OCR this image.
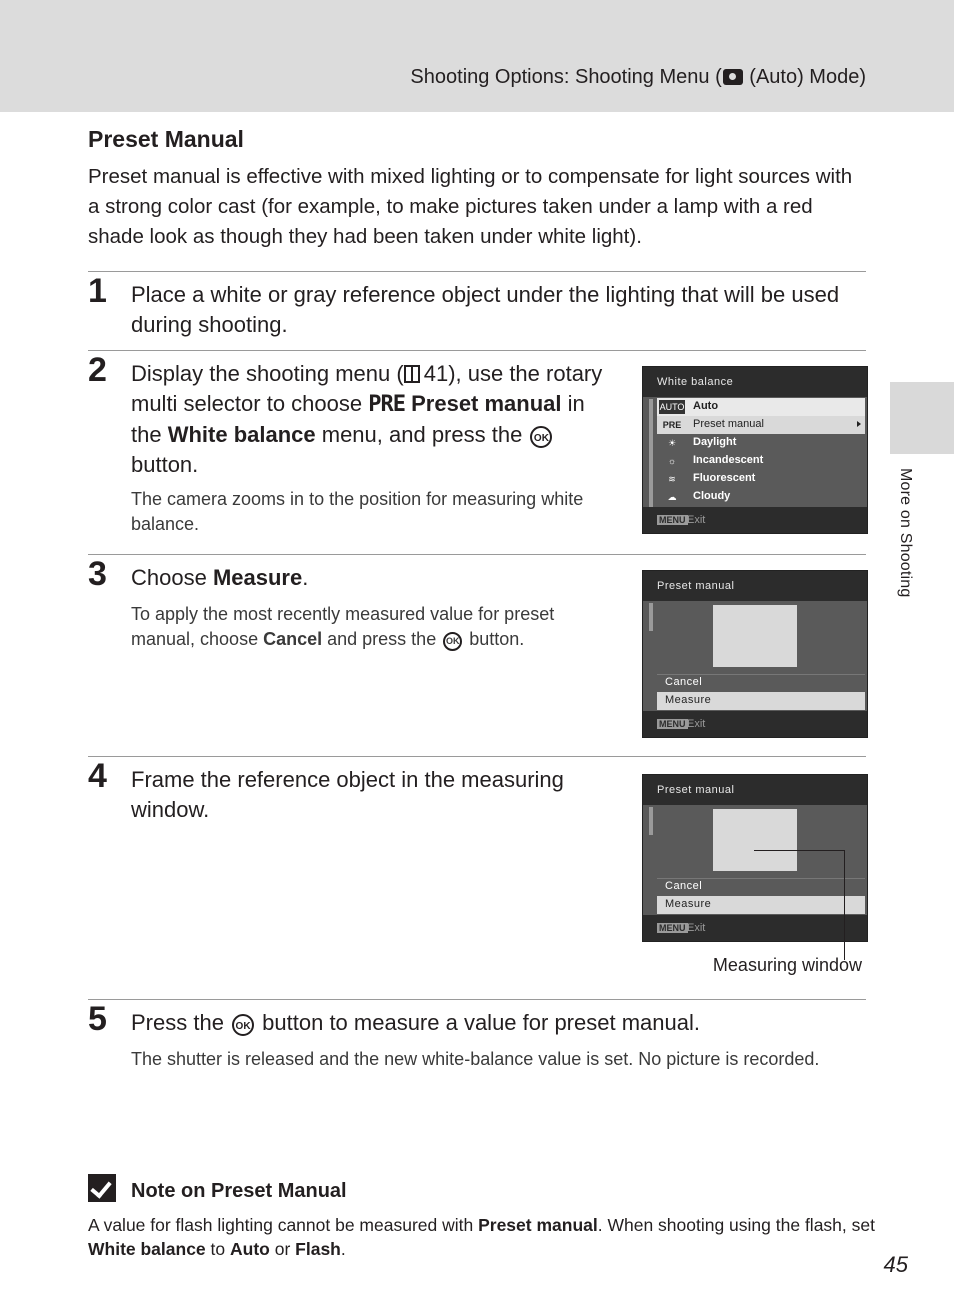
Shooting Options: Shooting Menu ( (Auto) Mode)
More on Shooting
Preset Manual
Preset manual is effective with mixed lighting or to compensate for light sources with a strong color cast (for example, to make pictures taken under a lamp with a red shade look as though they had been taken under white light).
1 Place a white or gray reference object under the lighting that will be used during shooting.
2 Display the shooting menu ( 41), use the rotary multi selector to choose PRE Preset manual in the White balance menu, and press the OK button.
The camera zooms in to the position for measuring white balance.
White balance
AUTO Auto
PRE	Preset manual
☀	Daylight
☼	Incandescent
≋	Fluorescent
☁	Cloudy
MENU Exit
3 Choose Measure.
To apply the most recently measured value for preset manual, choose Cancel and press the OK button.
Preset manual
Cancel
Measure
MENU Exit
4 Frame the reference object in the measuring window.
Preset manual
Cancel
Measure
MENU Exit
Measuring window
5 Press the OK button to measure a value for preset manual.
The shutter is released and the new white-balance value is set. No picture is recorded.
Note on Preset Manual
A value for flash lighting cannot be measured with Preset manual. When shooting using the flash, set White balance to Auto or Flash.
45
